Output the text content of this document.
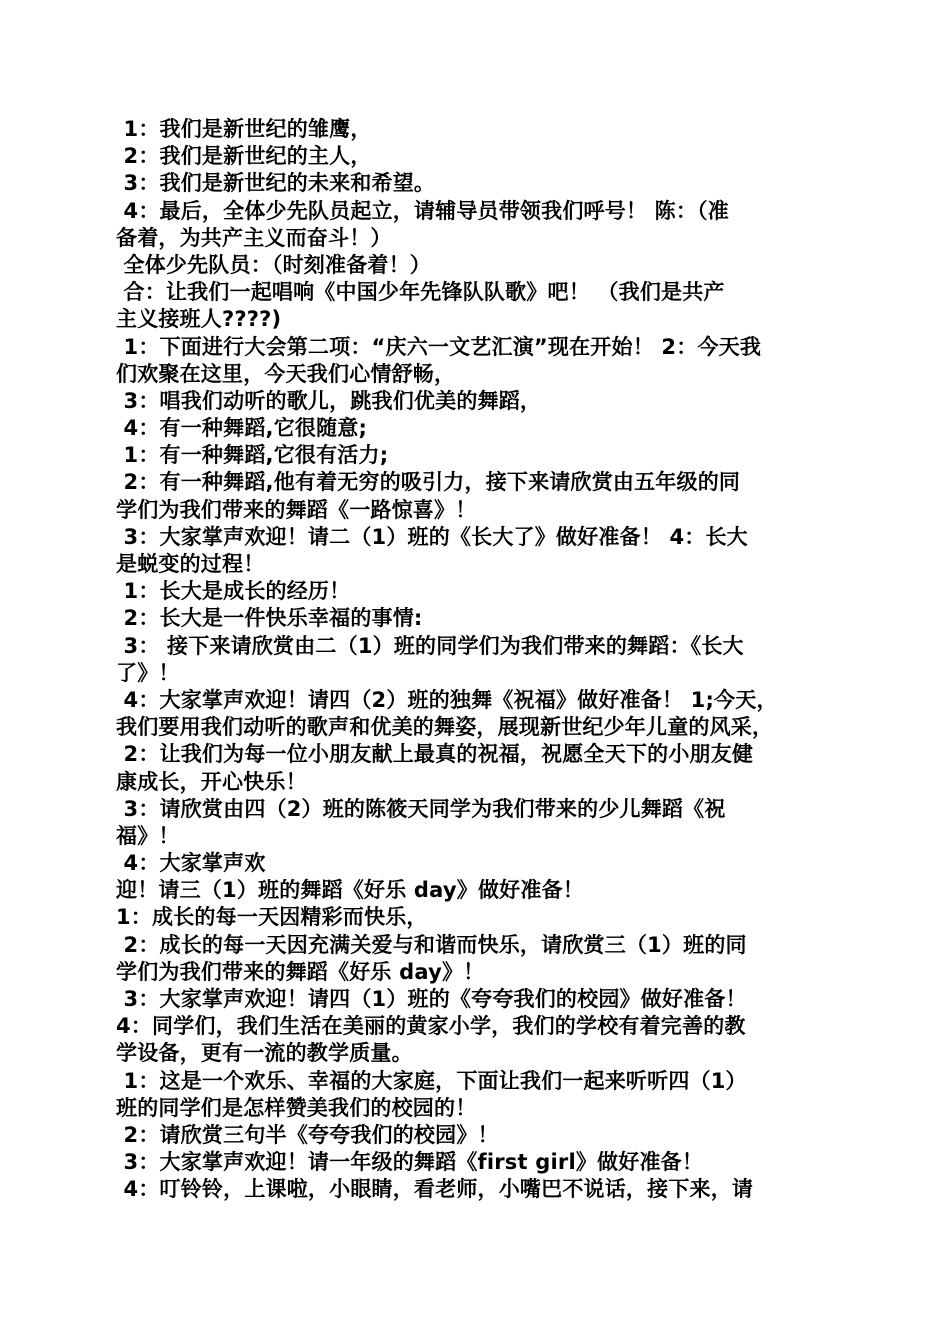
1：我们是新世纪的雏鹰，
2：我们是新世纪的主人，
3：我们是新世纪的未来和希望。
4：最后，全体少先队员起立，请辅导员带领我们呼号！ 陈：（准
备着，为共产主义而奋斗！）
全体少先队员：（时刻准备着！）
合：让我们一起唱响《中国少年先锋队队歌》吧！ （我们是共产
主义接班人????)
1：下面进行大会第二项：“庆六一文艺汇演”现在开始！ 2：今天我
们欢聚在这里，今天我们心情舒畅，
3：唱我们动听的歌儿，跳我们优美的舞蹈，
4：有一种舞蹈,它很随意;
1：有一种舞蹈,它很有活力;
2：有一种舞蹈,他有着无穷的吸引力，接下来请欣赏由五年级的同
学们为我们带来的舞蹈《一路惊喜》！
3：大家掌声欢迎！请二（1）班的《长大了》做好准备！ 4：长大
是蜕变的过程！
1：长大是成长的经历！
2：长大是一件快乐幸福的事情:
3： 接下来请欣赏由二（1）班的同学们为我们带来的舞蹈：《长大
了》！
4：大家掌声欢迎！请四（2）班的独舞《祝福》做好准备！ 1;今天，
我们要用我们动听的歌声和优美的舞姿，展现新世纪少年儿童的风采，
2：让我们为每一位小朋友献上最真的祝福，祝愿全天下的小朋友健
康成长，开心快乐！
3：请欣赏由四（2）班的陈筱天同学为我们带来的少儿舞蹈《祝
福》！
4：大家掌声欢
迎！请三（1）班的舞蹈《好乐 day》做好准备！
1：成长的每一天因精彩而快乐，
2：成长的每一天因充满关爱与和谐而快乐，请欣赏三（1）班的同
学们为我们带来的舞蹈《好乐 day》！
3：大家掌声欢迎！请四（1）班的《夸夸我们的校园》做好准备！
4：同学们，我们生活在美丽的黄家小学，我们的学校有着完善的教
学设备，更有一流的教学质量。
1：这是一个欢乐、幸福的大家庭，下面让我们一起来听听四（1）
班的同学们是怎样赞美我们的校园的！
2：请欣赏三句半《夸夸我们的校园》！
3：大家掌声欢迎！请一年级的舞蹈《first girl》做好准备！
4：叮铃铃，上课啦，小眼睛，看老师，小嘴巴不说话，接下来，请
